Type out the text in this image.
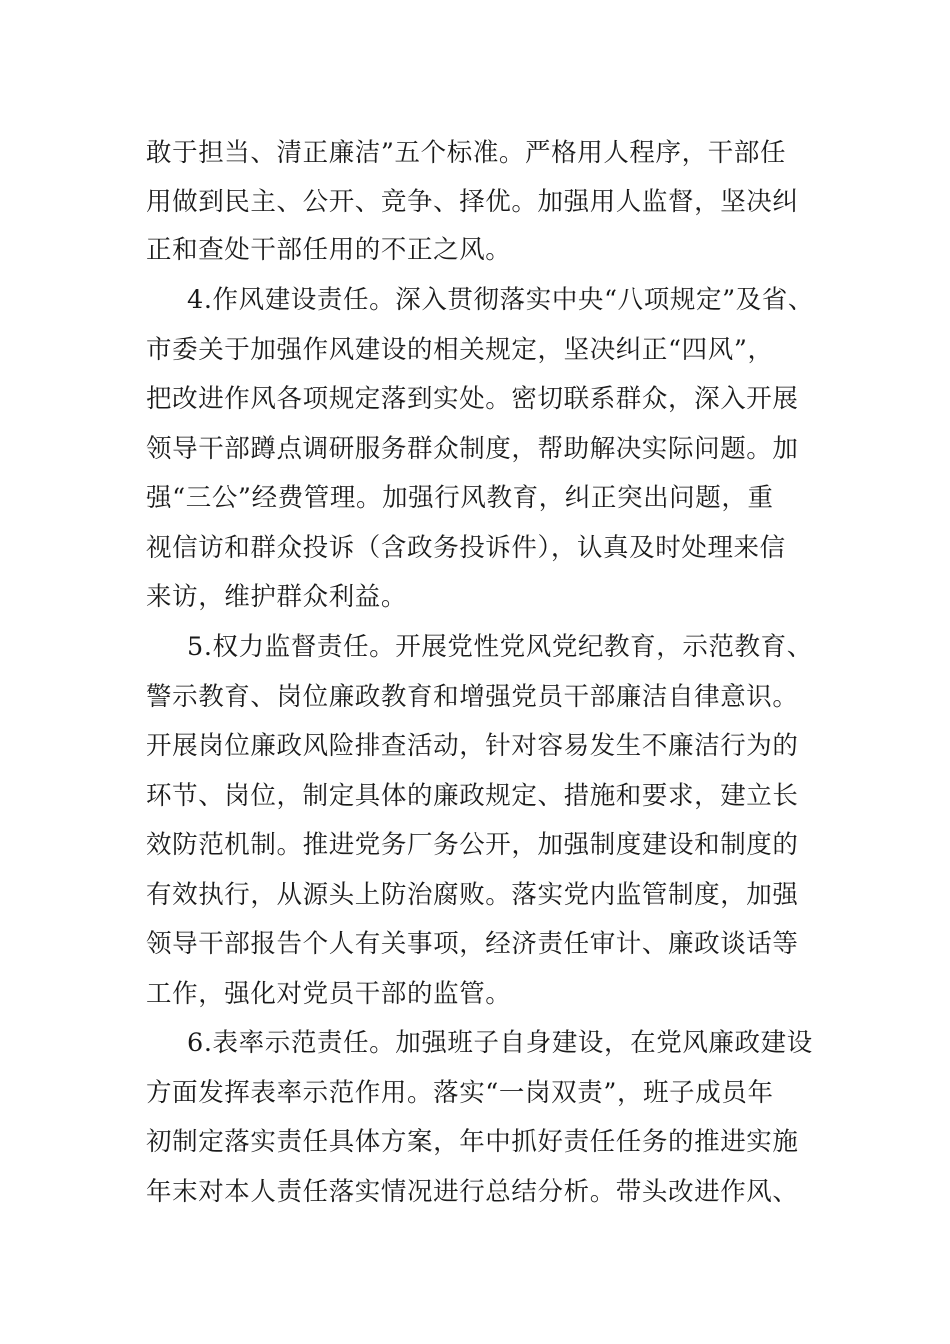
敢于担当、清正廉洁”五个标准。严格用人程序，干部任
用做到民主、公开、竞争、择优。加强用人监督，坚决纠
正和查处干部任用的不正之风。
4.作风建设责任。深入贯彻落实中央“八项规定”及省、
市委关于加强作风建设的相关规定，坚决纠正“四风”，
把改进作风各项规定落到实处。密切联系群众，深入开展
领导干部蹲点调研服务群众制度，帮助解决实际问题。加
强“三公”经费管理。加强行风教育，纠正突出问题，重
视信访和群众投诉（含政务投诉件），认真及时处理来信
来访，维护群众利益。
5.权力监督责任。开展党性党风党纪教育，示范教育、
警示教育、岗位廉政教育和增强党员干部廉洁自律意识。
开展岗位廉政风险排查活动，针对容易发生不廉洁行为的
环节、岗位，制定具体的廉政规定、措施和要求，建立长
效防范机制。推进党务厂务公开，加强制度建设和制度的
有效执行，从源头上防治腐败。落实党内监管制度，加强
领导干部报告个人有关事项，经济责任审计、廉政谈话等
工作，强化对党员干部的监管。
6.表率示范责任。加强班子自身建设，在党风廉政建设
方面发挥表率示范作用。落实“一岗双责”，班子成员年
初制定落实责任具体方案，年中抓好责任任务的推进实施
年末对本人责任落实情况进行总结分析。带头改进作风、
